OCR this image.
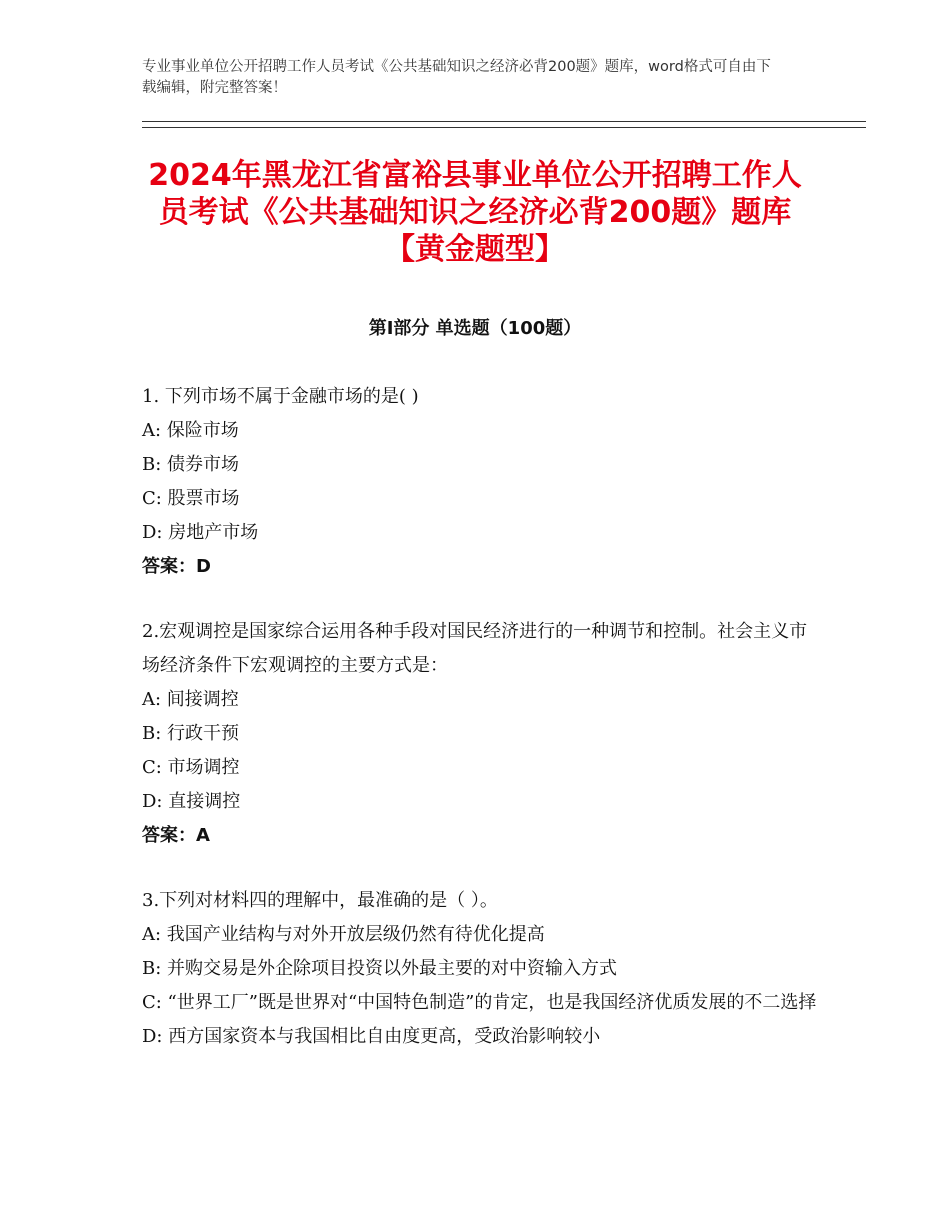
专业事业单位公开招聘工作人员考试《公共基础知识之经济必背200题》题库，word格式可自由下载编辑，附完整答案！
2024年黑龙江省富裕县事业单位公开招聘工作人员考试《公共基础知识之经济必背200题》题库【黄金题型】
第Ⅰ部分 单选题（100题）

1. 下列市场不属于金融市场的是( )

A: 保险市场

B: 债券市场

C: 股票市场

D: 房地产市场

答案：D

2.宏观调控是国家综合运用各种手段对国民经济进行的一种调节和控制。社会主义市场经济条件下宏观调控的主要方式是：

A: 间接调控

B: 行政干预

C: 市场调控

D: 直接调控

答案：A

3.下列对材料四的理解中，最准确的是（ ）。

A: 我国产业结构与对外开放层级仍然有待优化提高

B: 并购交易是外企除项目投资以外最主要的对中资输入方式

C: “世界工厂”既是世界对“中国特色制造”的肯定，也是我国经济优质发展的不二选择

D: 西方国家资本与我国相比自由度更高，受政治影响较小
